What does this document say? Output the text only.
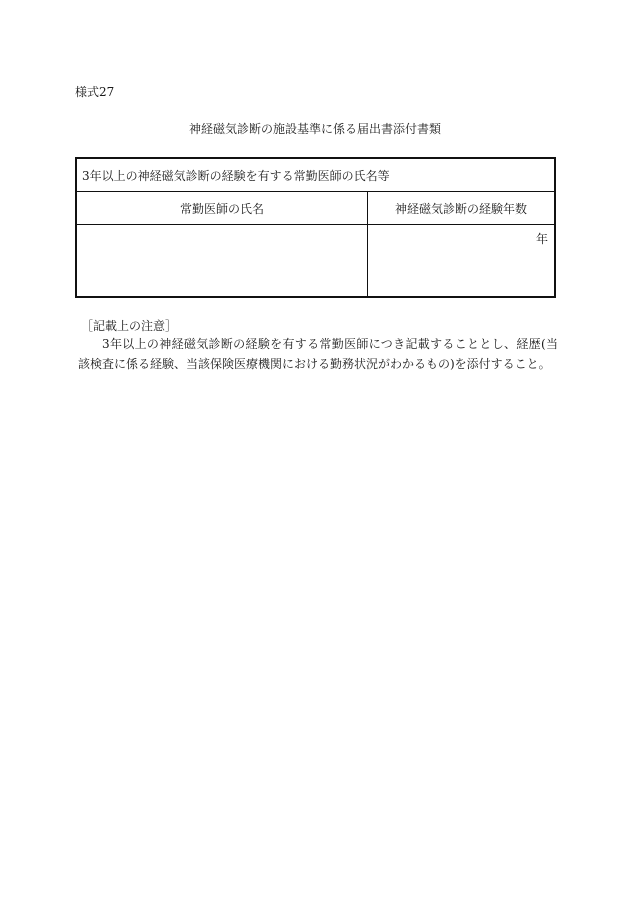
様式27
神経磁気診断の施設基準に係る届出書添付書類
3年以上の神経磁気診断の経験を有する常勤医師の氏名等	
常勤医師の氏名	神経磁気診断の経験年数
	年
［記載上の注意］
3年以上の神経磁気診断の経験を有する常勤医師につき記載することとし、経歴(当該検査に係る経験、当該保険医療機関における勤務状況がわかるもの)を添付すること。
